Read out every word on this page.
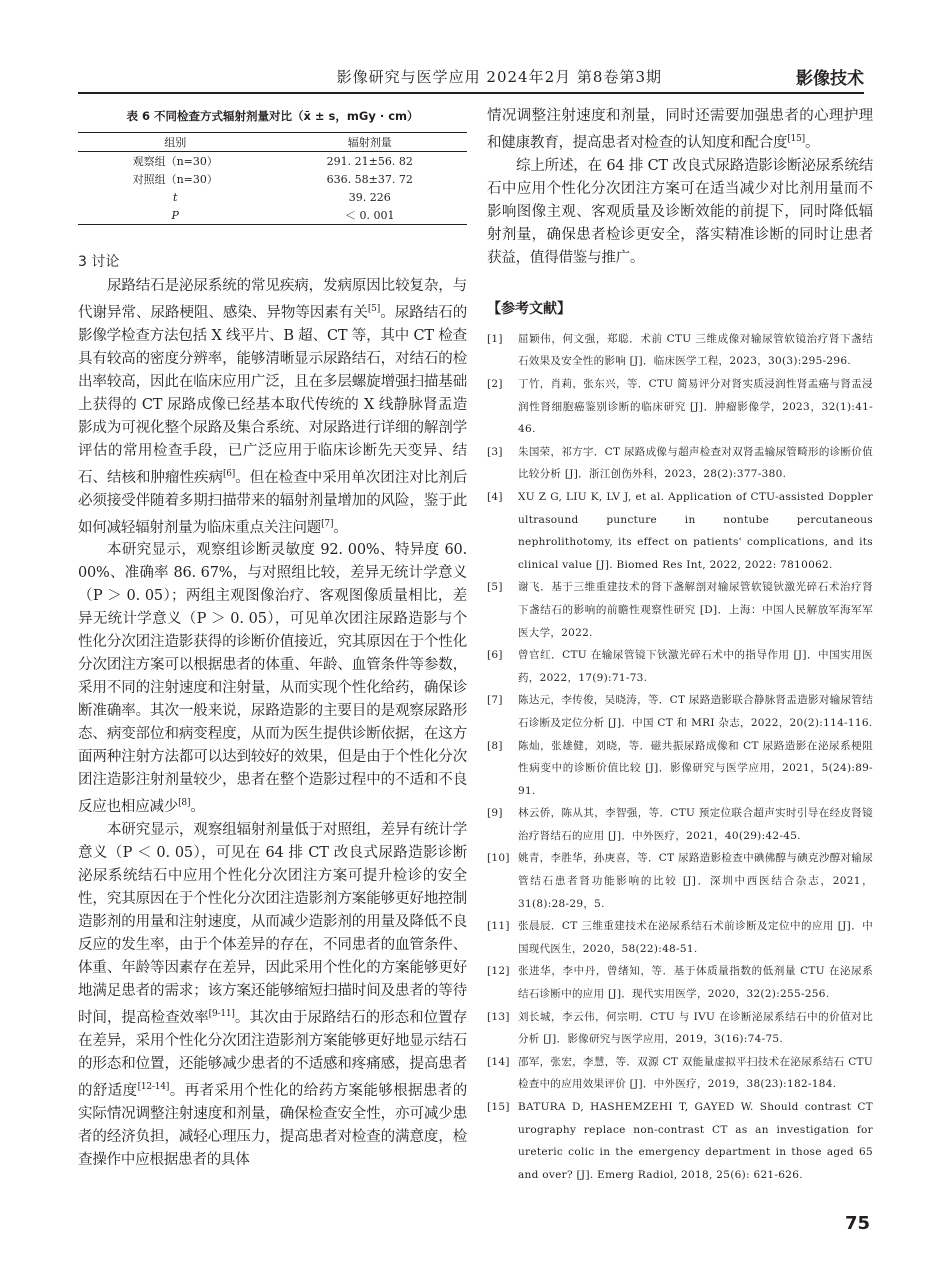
影像研究与医学应用 2024年2月 第8卷第3期	影像技术
表 6 不同检查方式辐射剂量对比（x̄ ± s，mGy · cm）
组别	辐射剂量
观察组（n=30）	291. 21±56. 82
对照组（n=30）	636. 58±37. 72
t	39. 226
P	＜ 0. 001
3 讨论

尿路结石是泌尿系统的常见疾病，发病原因比较复杂，与代谢异常、尿路梗阻、感染、异物等因素有关[5]。尿路结石的影像学检查方法包括 X 线平片、B 超、CT 等，其中 CT 检查具有较高的密度分辨率，能够清晰显示尿路结石，对结石的检出率较高，因此在临床应用广泛，且在多层螺旋增强扫描基础上获得的 CT 尿路成像已经基本取代传统的 X 线静脉肾盂造影成为可视化整个尿路及集合系统、对尿路进行详细的解剖学评估的常用检查手段，已广泛应用于临床诊断先天变异、结石、结核和肿瘤性疾病[6]。但在检查中采用单次团注对比剂后必须接受伴随着多期扫描带来的辐射剂量增加的风险，鉴于此如何减轻辐射剂量为临床重点关注问题[7]。

本研究显示，观察组诊断灵敏度 92. 00%、特异度 60. 00%、准确率 86. 67%，与对照组比较，差异无统计学意义（P ＞ 0. 05）；两组主观图像治疗、客观图像质量相比，差异无统计学意义（P ＞ 0. 05），可见单次团注尿路造影与个性化分次团注造影获得的诊断价值接近，究其原因在于个性化分次团注方案可以根据患者的体重、年龄、血管条件等参数，采用不同的注射速度和注射量，从而实现个性化给药，确保诊断准确率。其次一般来说，尿路造影的主要目的是观察尿路形态、病变部位和病变程度，从而为医生提供诊断依据，在这方面两种注射方法都可以达到较好的效果，但是由于个性化分次团注造影注射剂量较少，患者在整个造影过程中的不适和不良反应也相应减少[8]。

本研究显示，观察组辐射剂量低于对照组，差异有统计学意义（P ＜ 0. 05），可见在 64 排 CT 改良式尿路造影诊断泌尿系统结石中应用个性化分次团注方案可提升检诊的安全性，究其原因在于个性化分次团注造影剂方案能够更好地控制造影剂的用量和注射速度，从而减少造影剂的用量及降低不良反应的发生率，由于个体差异的存在，不同患者的血管条件、体重、年龄等因素存在差异，因此采用个性化的方案能够更好地满足患者的需求；该方案还能够缩短扫描时间及患者的等待时间，提高检查效率[9-11]。其次由于尿路结石的形态和位置存在差异，采用个性化分次团注造影剂方案能够更好地显示结石的形态和位置，还能够减少患者的不适感和疼痛感，提高患者的舒适度[12-14]。再者采用个性化的给药方案能够根据患者的实际情况调整注射速度和剂量，确保检查安全性，亦可减少患者的经济负担，减轻心理压力，提高患者对检查的满意度，检查操作中应根据患者的具体

情况调整注射速度和剂量，同时还需要加强患者的心理护理和健康教育，提高患者对检查的认知度和配合度[15]。

综上所述，在 64 排 CT 改良式尿路造影诊断泌尿系统结石中应用个性化分次团注方案可在适当减少对比剂用量而不影响图像主观、客观质量及诊断效能的前提下，同时降低辐射剂量，确保患者检诊更安全，落实精准诊断的同时让患者获益，值得借鉴与推广。

【参考文献】
[1]	屈颖伟，何文强，郑聪．术前 CTU 三维成像对输尿管软镜治疗肾下盏结石效果及安全性的影响 [J]．临床医学工程，2023，30(3):295-296.
[2]	丁竹，肖莉，张东兴，等．CTU 简易评分对肾实质浸润性肾盂癌与肾盂浸润性肾细胞癌鉴别诊断的临床研究 [J]．肿瘤影像学，2023，32(1):41-46.
[3]	朱国荣，祁方宇．CT 尿路成像与超声检查对双肾盂输尿管畸形的诊断价值比较分析 [J]．浙江创伤外科，2023，28(2):377-380.
[4]	XU Z G, LIU K, LV J, et al. Application of CTU-assisted Doppler ultrasound puncture in nontube percutaneous nephrolithotomy, its effect on patients' complications, and its clinical value [J]. Biomed Res Int, 2022, 2022: 7810062.
[5]	谢飞．基于三维重建技术的肾下盏解剖对输尿管软镜钬激光碎石术治疗肾下盏结石的影响的前瞻性观察性研究 [D]．上海：中国人民解放军海军军医大学，2022.
[6]	曾官红．CTU 在输尿管镜下钬激光碎石术中的指导作用 [J]．中国实用医药，2022，17(9):71-73.
[7]	陈达元，李传俊，吴晓涛，等．CT 尿路造影联合静脉肾盂造影对输尿管结石诊断及定位分析 [J]．中国 CT 和 MRI 杂志，2022，20(2):114-116.
[8]	陈灿，张雄健，刘晓，等．磁共振尿路成像和 CT 尿路造影在泌尿系梗阻性病变中的诊断价值比较 [J]．影像研究与医学应用，2021，5(24):89-91.
[9]	林云侨，陈从其，李智强，等．CTU 预定位联合超声实时引导在经皮肾镜治疗肾结石的应用 [J]．中外医疗，2021，40(29):42-45.
[10] 姚青，李胜华，孙庚喜，等．CT 尿路造影检查中碘佛醇与碘克沙醇对输尿管结石患者肾功能影响的比较 [J]．深圳中西医结合杂志，2021，31(8):28-29，5.
[11] 张晨辰．CT 三维重建技术在泌尿系结石术前诊断及定位中的应用 [J]．中国现代医生，2020，58(22):48-51.
[12] 张进华，李中丹，曾绪知，等．基于体质量指数的低剂量 CTU 在泌尿系结石诊断中的应用 [J]．现代实用医学，2020，32(2):255-256.
[13] 刘长城，李云伟，何宗明．CTU 与 IVU 在诊断泌尿系结石中的价值对比分析 [J]．影像研究与医学应用，2019，3(16):74-75.
[14] 邵军，张宏，李慧，等．双源 CT 双能量虚拟平扫技术在泌尿系结石 CTU 检查中的应用效果评价 [J]．中外医疗，2019，38(23):182-184.
[15] BATURA D, HASHEMZEHI T, GAYED W. Should contrast CT urography replace non-contrast CT as an investigation for ureteric colic in the emergency department in those aged 65 and over? [J]. Emerg Radiol, 2018, 25(6): 621-626.
75
